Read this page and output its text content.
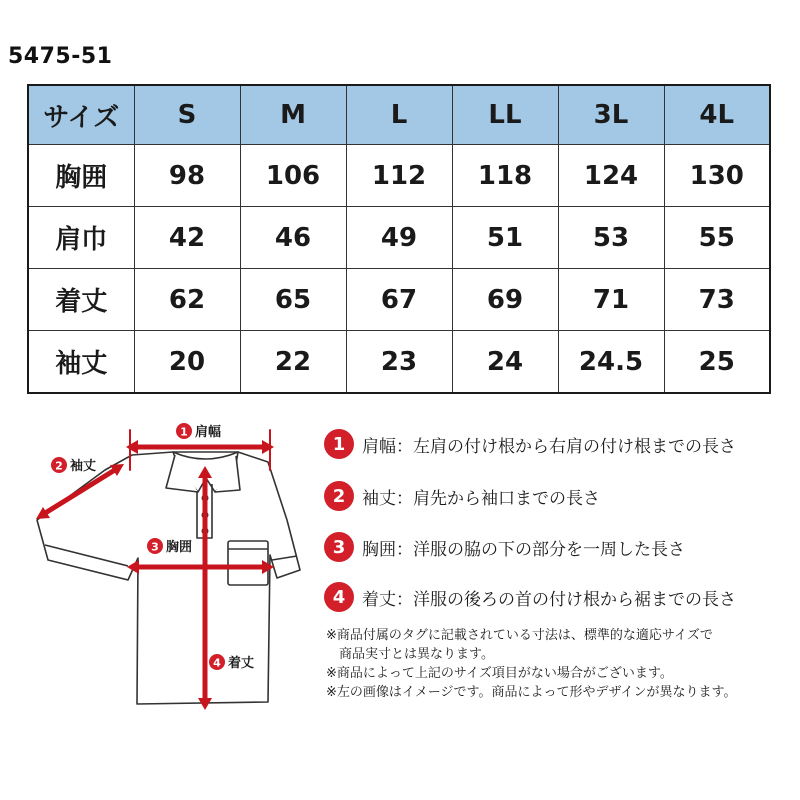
5475-51
サイズ	S	M	L	LL	3L	4L
胸囲	98	106	112	118	124	130
肩巾	42	46	49	51	53	55
着丈	62	65	67	69	71	73
袖丈	20	22	23	24	24.5	25
1 肩幅
2 袖丈
3 胸囲
4 着丈
1 肩幅：左肩の付け根から右肩の付け根までの長さ
2 袖丈：肩先から袖口までの長さ
3 胸囲：洋服の脇の下の部分を一周した長さ
4 着丈：洋服の後ろの首の付け根から裾までの長さ
※商品付属のタグに記載されている寸法は、標準的な適応サイズで
商品実寸とは異なります。
※商品によって上記のサイズ項目がない場合がございます。
※左の画像はイメージです。商品によって形やデザインが異なります。
